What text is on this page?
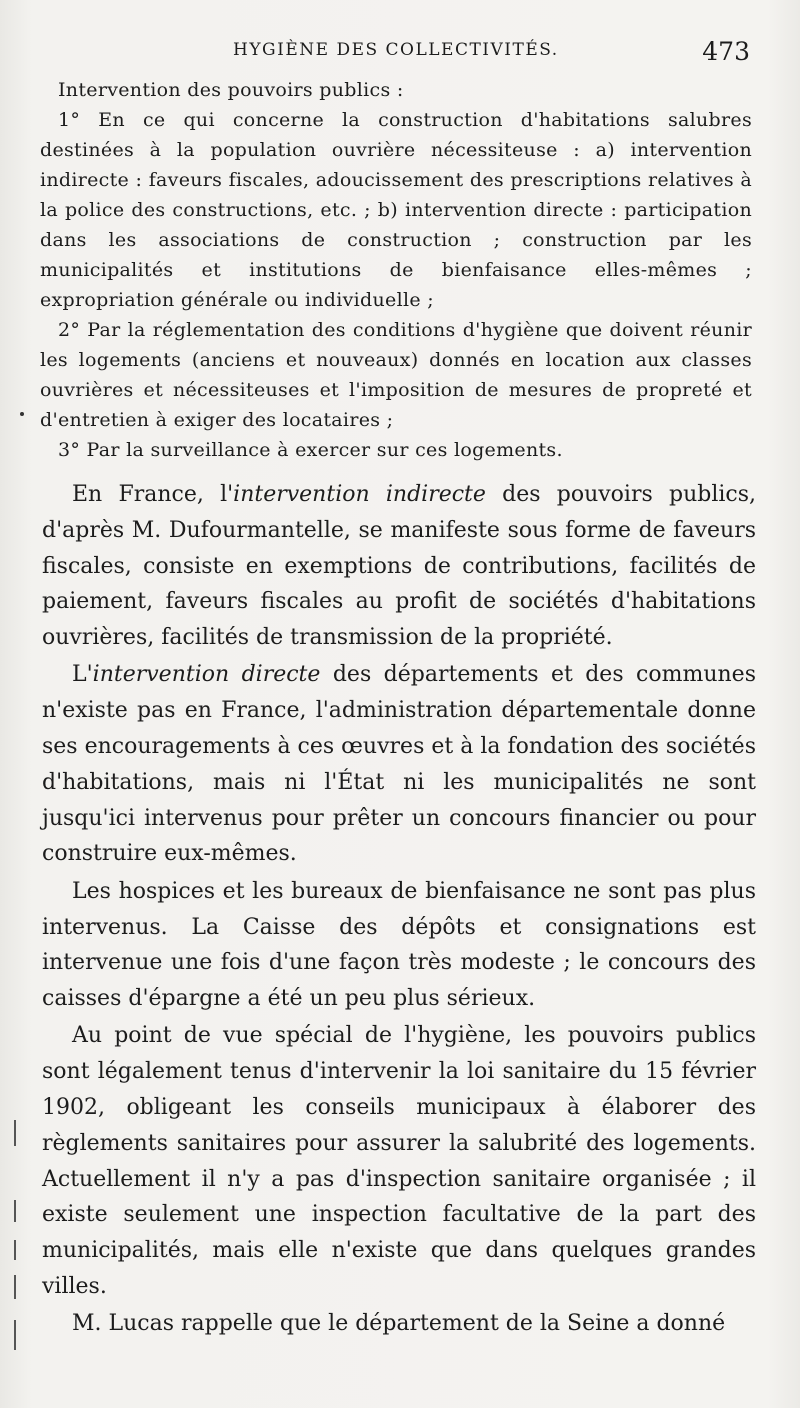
HYGIÈNE DES COLLECTIVITÉS.	473

Intervention des pouvoirs publics :

1° En ce qui concerne la construction d'habitations salubres destinées à la population ouvrière nécessiteuse : a) intervention indirecte : faveurs fiscales, adoucissement des prescriptions relatives à la police des constructions, etc. ; b) intervention directe : participation dans les associations de construction ; construction par les municipalités et institutions de bienfaisance elles-mêmes ; expropriation générale ou individuelle ;

2° Par la réglementation des conditions d'hygiène que doivent réunir les logements (anciens et nouveaux) donnés en location aux classes ouvrières et nécessiteuses et l'imposition de mesures de propreté et d'entretien à exiger des locataires ;

3° Par la surveillance à exercer sur ces logements.

En France, l'intervention indirecte des pouvoirs publics, d'après M. Dufourmantelle, se manifeste sous forme de faveurs fiscales, consiste en exemptions de contributions, facilités de paiement, faveurs fiscales au profit de sociétés d'habitations ouvrières, facilités de transmission de la propriété.

L'intervention directe des départements et des communes n'existe pas en France, l'administration départementale donne ses encouragements à ces œuvres et à la fondation des sociétés d'habitations, mais ni l'État ni les municipalités ne sont jusqu'ici intervenus pour prêter un concours financier ou pour construire eux-mêmes.

Les hospices et les bureaux de bienfaisance ne sont pas plus intervenus. La Caisse des dépôts et consignations est intervenue une fois d'une façon très modeste ; le concours des caisses d'épargne a été un peu plus sérieux.

Au point de vue spécial de l'hygiène, les pouvoirs publics sont légalement tenus d'intervenir la loi sanitaire du 15 février 1902, obligeant les conseils municipaux à élaborer des règlements sanitaires pour assurer la salubrité des logements. Actuellement il n'y a pas d'inspection sanitaire organisée ; il existe seulement une inspection facultative de la part des municipalités, mais elle n'existe que dans quelques grandes villes.

M. Lucas rappelle que le département de la Seine a donné
